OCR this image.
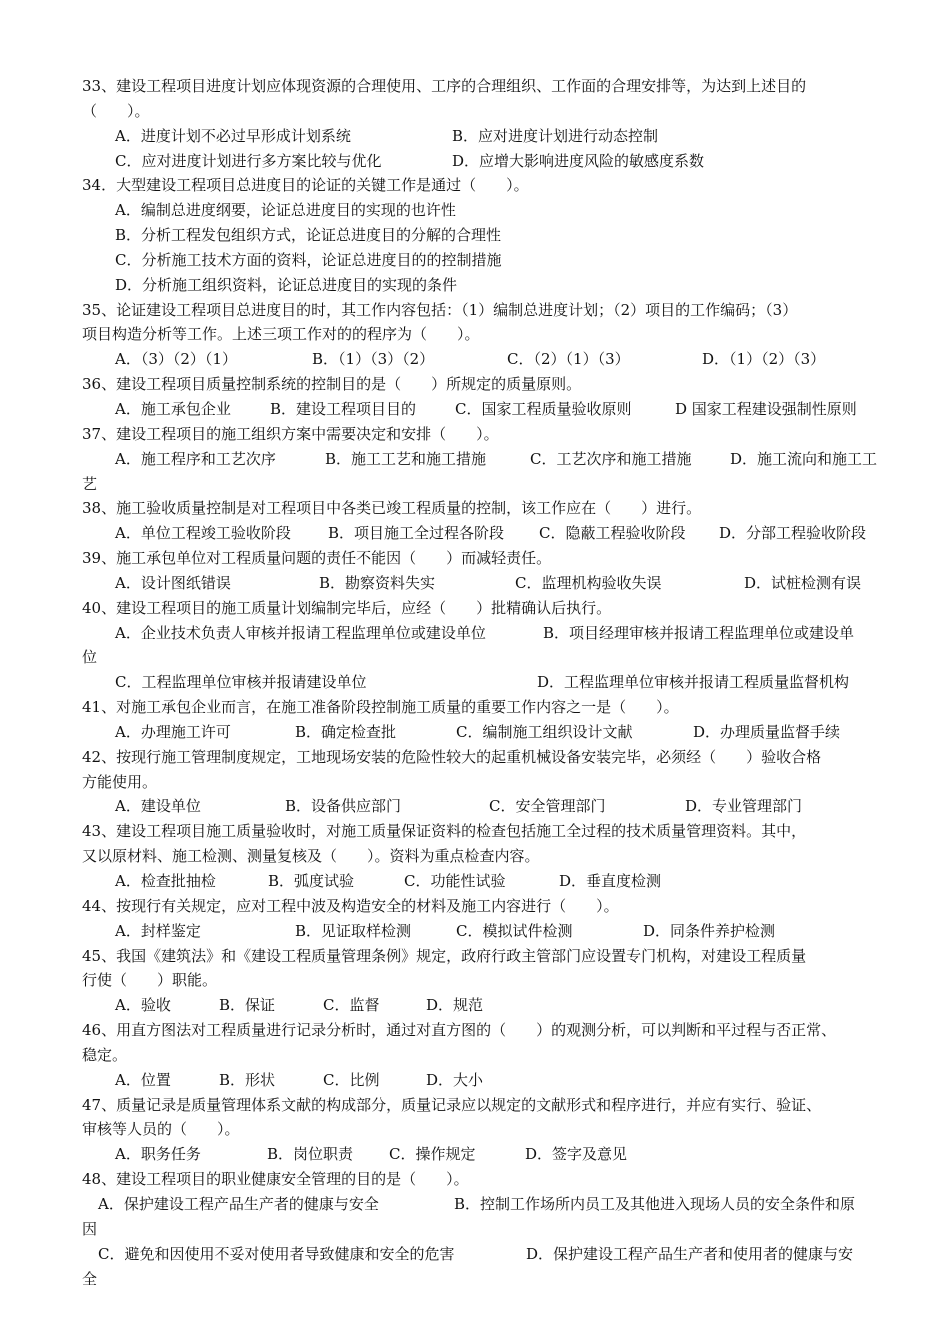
33、建设工程项目进度计划应体现资源的合理使用、工序的合理组织、工作面的合理安排等，为达到上述目的
（　　）。
A．进度计划不必过早形成计划系统	B．应对进度计划进行动态控制
C．应对进度计划进行多方案比较与优化	D．应增大影响进度风险的敏感度系数
34．大型建设工程项目总进度目的论证的关键工作是通过（　　）。
A．编制总进度纲要，论证总进度目的实现的也许性
B．分析工程发包组织方式，论证总进度目的分解的合理性
C．分析施工技术方面的资料，论证总进度目的的控制措施
D．分析施工组织资料，论证总进度目的实现的条件
35、论证建设工程项目总进度目的时，其工作内容包括：（1）编制总进度计划；（2）项目的工作编码；（3）
项目构造分析等工作。上述三项工作对的的程序为（　　）。
A．（3）（2）（1）	B．（1）（3）（2）	C．（2）（1）（3）	D．（1）（2）（3）
36、建设工程项目质量控制系统的控制目的是（　　）所规定的质量原则。
A．施工承包企业	B．建设工程项目目的	C．国家工程质量验收原则	D 国家工程建设强制性原则
37、建设工程项目的施工组织方案中需要决定和安排（　　）。
A．施工程序和工艺次序	B．施工工艺和施工措施	C．工艺次序和施工措施	D．施工流向和施工工
艺
38、施工验收质量控制是对工程项目中各类已竣工程质量的控制，该工作应在（　　）进行。
A．单位工程竣工验收阶段 B．项目施工全过程各阶段 C．隐蔽工程验收阶段 D．分部工程验收阶段
39、施工承包单位对工程质量问题的责任不能因（　　）而减轻责任。
A．设计图纸错误	B．勘察资料失实	C．监理机构验收失误	D．试桩检测有误
40、建设工程项目的施工质量计划编制完毕后，应经（　　）批精确认后执行。
A．企业技术负责人审核并报请工程监理单位或建设单位	B．项目经理审核并报请工程监理单位或建设单
位
C．工程监理单位审核并报请建设单位	D．工程监理单位审核并报请工程质量监督机构
41、对施工承包企业而言，在施工准备阶段控制施工质量的重要工作内容之一是（　　）。
A．办理施工许可	B．确定检查批	C．编制施工组织设计文献	D．办理质量监督手续
42、按现行施工管理制度规定，工地现场安装的危险性较大的起重机械设备安装完毕，必须经（　　）验收合格
方能使用。
A．建设单位	B．设备供应部门	C．安全管理部门	D．专业管理部门
43、建设工程项目施工质量验收时，对施工质量保证资料的检查包括施工全过程的技术质量管理资料。其中，
又以原材料、施工检测、测量复核及（　　）。资料为重点检查内容。
A．检查批抽检	B．弧度试验	C．功能性试验	D．垂直度检测
44、按现行有关规定，应对工程中波及构造安全的材料及施工内容进行（　　）。
A．封样鉴定	B．见证取样检测	C．模拟试件检测	D．同条件养护检测
45、我国《建筑法》和《建设工程质量管理条例》规定，政府行政主管部门应设置专门机构，对建设工程质量
行使（　　）职能。
A．验收	B．保证	C．监督	D．规范
46、用直方图法对工程质量进行记录分析时，通过对直方图的（　　）的观测分析，可以判断和平过程与否正常、
稳定。
A．位置	B．形状	C．比例	D．大小
47、质量记录是质量管理体系文献的构成部分，质量记录应以规定的文献形式和程序进行，并应有实行、验证、
审核等人员的（　　）。
A．职务任务	B．岗位职责 C．操作规定	D．签字及意见
48、建设工程项目的职业健康安全管理的目的是（　　）。
A．保护建设工程产品生产者的健康与安全	B．控制工作场所内员工及其他进入现场人员的安全条件和原
因
C．避免和因使用不妥对使用者导致健康和安全的危害	D．保护建设工程产品生产者和使用者的健康与安
全
